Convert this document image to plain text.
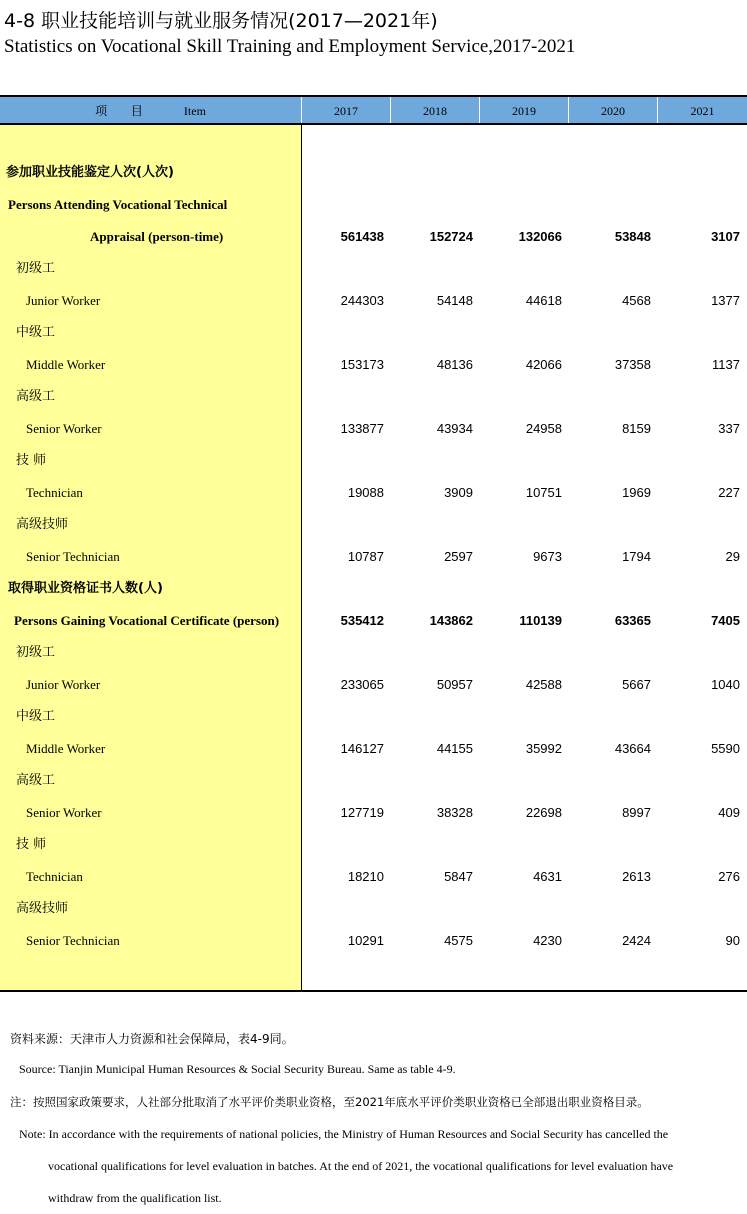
4-8 职业技能培训与就业服务情况(2017—2021年)
Statistics on Vocational Skill Training and Employment Service,2017-2021
项 目	Item	2017	2018	2019	2020	2021
参加职业技能鉴定人次(人次)
Persons Attending Vocational Technical
Appraisal (person-time)	561438	152724	132066	53848	3107
初级工
Junior Worker	244303	54148	44618	4568	1377
中级工
Middle Worker	153173	48136	42066	37358	1137
高级工
Senior Worker	133877	43934	24958	8159	337
技 师
Technician	19088	3909	10751	1969	227
高级技师
Senior Technician	10787	2597	9673	1794	29
取得职业资格证书人数(人)
Persons Gaining Vocational Certificate (person)	535412	143862	110139	63365	7405
初级工
Junior Worker	233065	50957	42588	5667	1040
中级工
Middle Worker	146127	44155	35992	43664	5590
高级工
Senior Worker	127719	38328	22698	8997	409
技 师
Technician	18210	5847	4631	2613	276
高级技师
Senior Technician	10291	4575	4230	2424	90
资料来源：天津市人力资源和社会保障局，表4-9同。
Source: Tianjin Municipal Human Resources & Social Security Bureau. Same as table 4-9.
注：按照国家政策要求，人社部分批取消了水平评价类职业资格，至2021年底水平评价类职业资格已全部退出职业资格目录。
Note: In accordance with the requirements of national policies, the Ministry of Human Resources and Social Security has cancelled the
vocational qualifications for level evaluation in batches. At the end of 2021, the vocational qualifications for level evaluation have
withdraw from the qualification list.
